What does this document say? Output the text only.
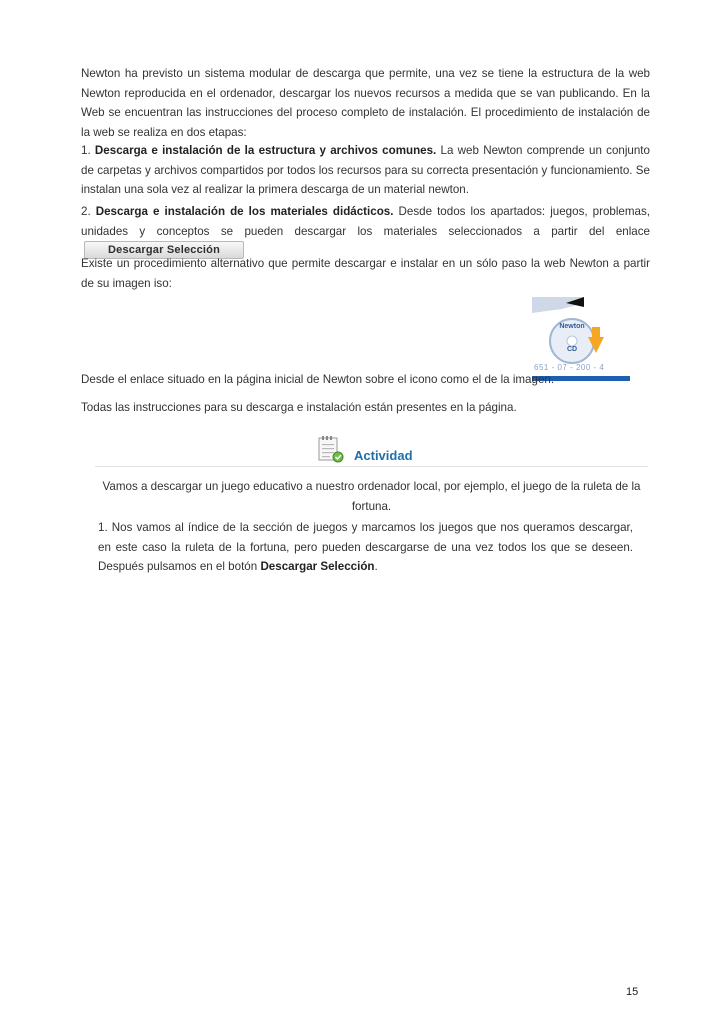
Newton ha previsto un sistema modular de descarga que permite, una vez se tiene la estructura de la web Newton reproducida en el ordenador, descargar los nuevos recursos a medida que se van publicando. En la Web se encuentran las instrucciones del proceso completo de instalación. El procedimiento de instalación de la web se realiza en dos etapas:

1. Descarga e instalación de la estructura y archivos comunes. La web Newton comprende un conjunto de carpetas y archivos compartidos por todos los recursos para su correcta presentación y funcionamiento. Se instalan una sola vez al realizar la primera descarga de un material newton.

2. Descarga e instalación de los materiales didácticos. Desde todos los apartados: juegos, problemas, unidades y conceptos se pueden descargar los materiales seleccionados a partir del enlaceDescargar Selección

Existe un procedimiento alternativo que permite descargar e instalar en un sólo paso la web Newton a partir de su imagen iso:

Newton
CD
651 - 07 - 200 - 4

Desde el enlace situado en la página inicial de Newton sobre el icono como el de la imagen.

Todas las instrucciones para su descarga e instalación están presentes en la página.

Actividad

Vamos a descargar un juego educativo a nuestro ordenador local, por ejemplo, el juego de la ruleta de la fortuna.

1. Nos vamos al índice de la sección de juegos y marcamos los juegos que nos queramos descargar, en este caso la ruleta de la fortuna, pero pueden descargarse de una vez todos los que se deseen. Después pulsamos en el botón Descargar Selección.

15
